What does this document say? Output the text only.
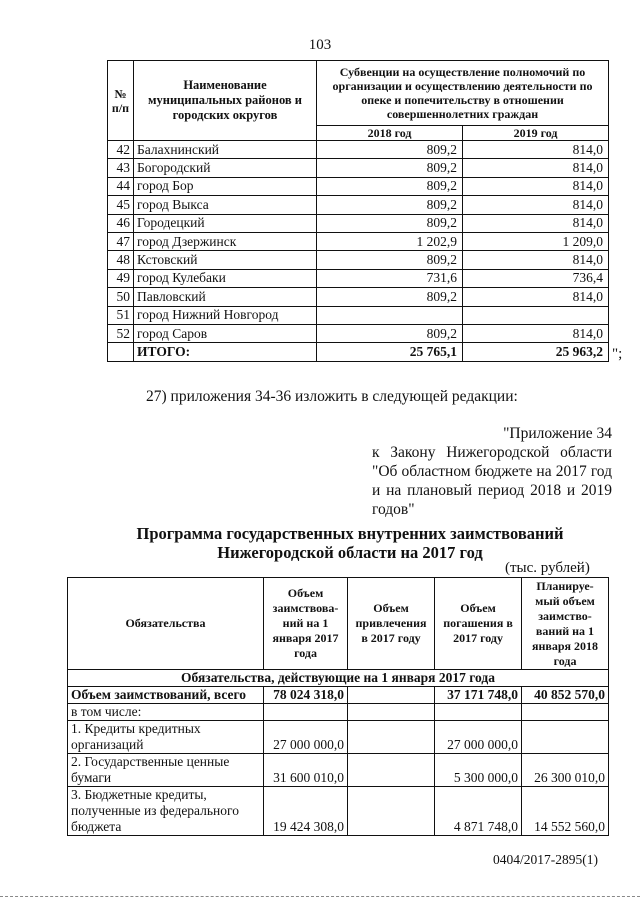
103
№ п/п	Наименование муниципальных районов и городских округов	Субвенции на осуществление полномочий по организации и осуществлению деятельности по опеке и попечительству в отношении совершеннолетних граждан	
		2018 год	2019 год
42	Балахнинский	809,2	814,0
43	Богородский	809,2	814,0
44	город Бор	809,2	814,0
45	город Выкса	809,2	814,0
46	Городецкий	809,2	814,0
47	город Дзержинск	1 202,9	1 209,0
48	Кстовский	809,2	814,0
49	город Кулебаки	731,6	736,4
50	Павловский	809,2	814,0
51	город Нижний Новгород		
52	город Саров	809,2	814,0
	ИТОГО:	25 765,1	25 963,2 ";
27) приложения 34-36 изложить в следующей редакции:
"Приложение 34
к Закону Нижегородской области
"Об областном бюджете на 2017 год
и на плановый период 2018 и 2019
годов"
Программа государственных внутренних заимствований
Нижегородской области на 2017 год
(тыс. рублей)
Обязательства	Объем заимствова-ний на 1 января 2017 года	Объем привлечения в 2017 году	Объем погашения в 2017 году	Планируе-мый объем заимство-ваний на 1 января 2018 года
Обязательства, действующие на 1 января 2017 года				
Объем заимствований, всего	78 024 318,0		37 171 748,0	40 852 570,0
в том числе:				
1. Кредиты кредитных организаций	27 000 000,0		27 000 000,0	
2. Государственные ценные бумаги	31 600 010,0		5 300 000,0	26 300 010,0
3. Бюджетные кредиты, полученные из федерального бюджета	19 424 308,0		4 871 748,0	14 552 560,0
0404/2017-2895(1)
